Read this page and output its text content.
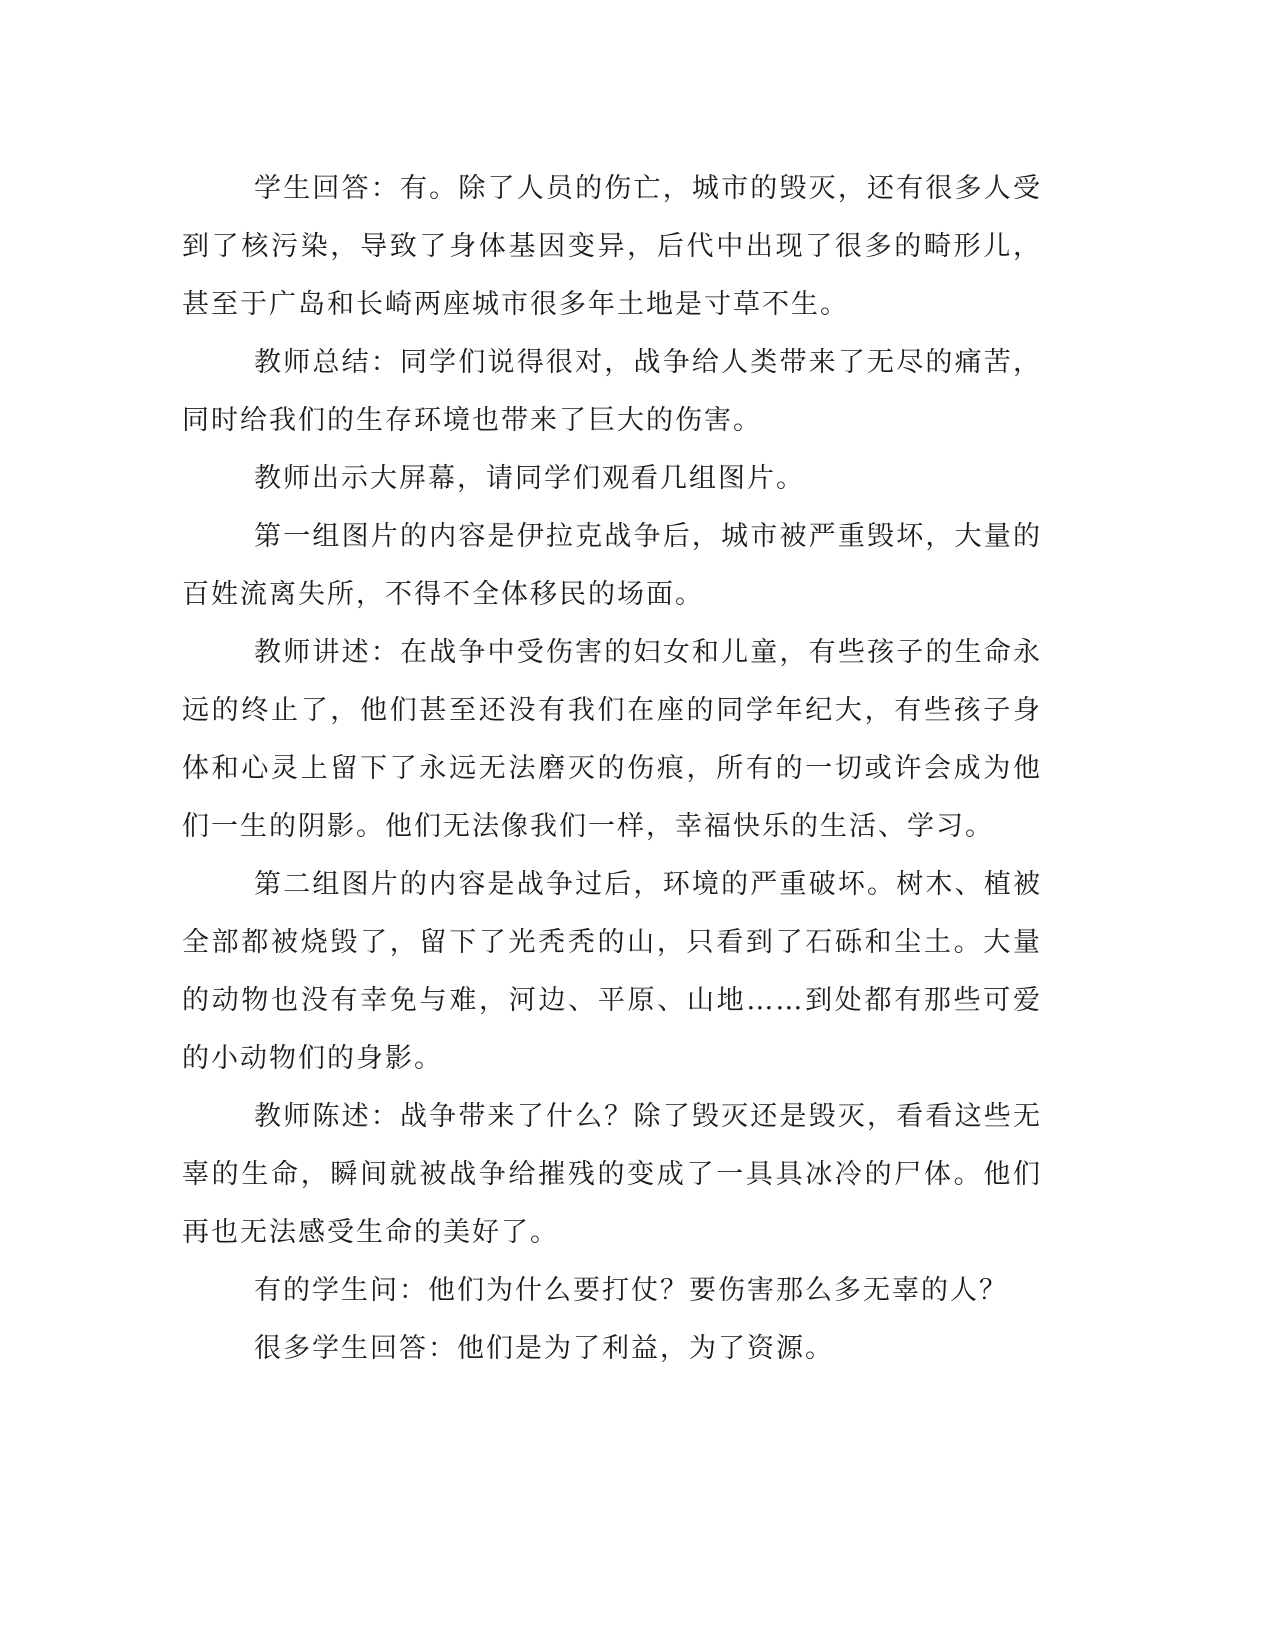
学生回答：有。除了人员的伤亡，城市的毁灭，还有很多人受到了核污染，导致了身体基因变异，后代中出现了很多的畸形儿，甚至于广岛和长崎两座城市很多年土地是寸草不生。

教师总结：同学们说得很对，战争给人类带来了无尽的痛苦，同时给我们的生存环境也带来了巨大的伤害。

教师出示大屏幕，请同学们观看几组图片。

第一组图片的内容是伊拉克战争后，城市被严重毁坏，大量的百姓流离失所，不得不全体移民的场面。

教师讲述：在战争中受伤害的妇女和儿童，有些孩子的生命永远的终止了，他们甚至还没有我们在座的同学年纪大，有些孩子身体和心灵上留下了永远无法磨灭的伤痕，所有的一切或许会成为他们一生的阴影。他们无法像我们一样，幸福快乐的生活、学习。

第二组图片的内容是战争过后，环境的严重破坏。树木、植被全部都被烧毁了，留下了光秃秃的山，只看到了石砾和尘土。大量的动物也没有幸免与难，河边、平原、山地……到处都有那些可爱的小动物们的身影。

教师陈述：战争带来了什么？除了毁灭还是毁灭，看看这些无辜的生命，瞬间就被战争给摧残的变成了一具具冰冷的尸体。他们再也无法感受生命的美好了。

有的学生问：他们为什么要打仗？要伤害那么多无辜的人？

很多学生回答：他们是为了利益，为了资源。
